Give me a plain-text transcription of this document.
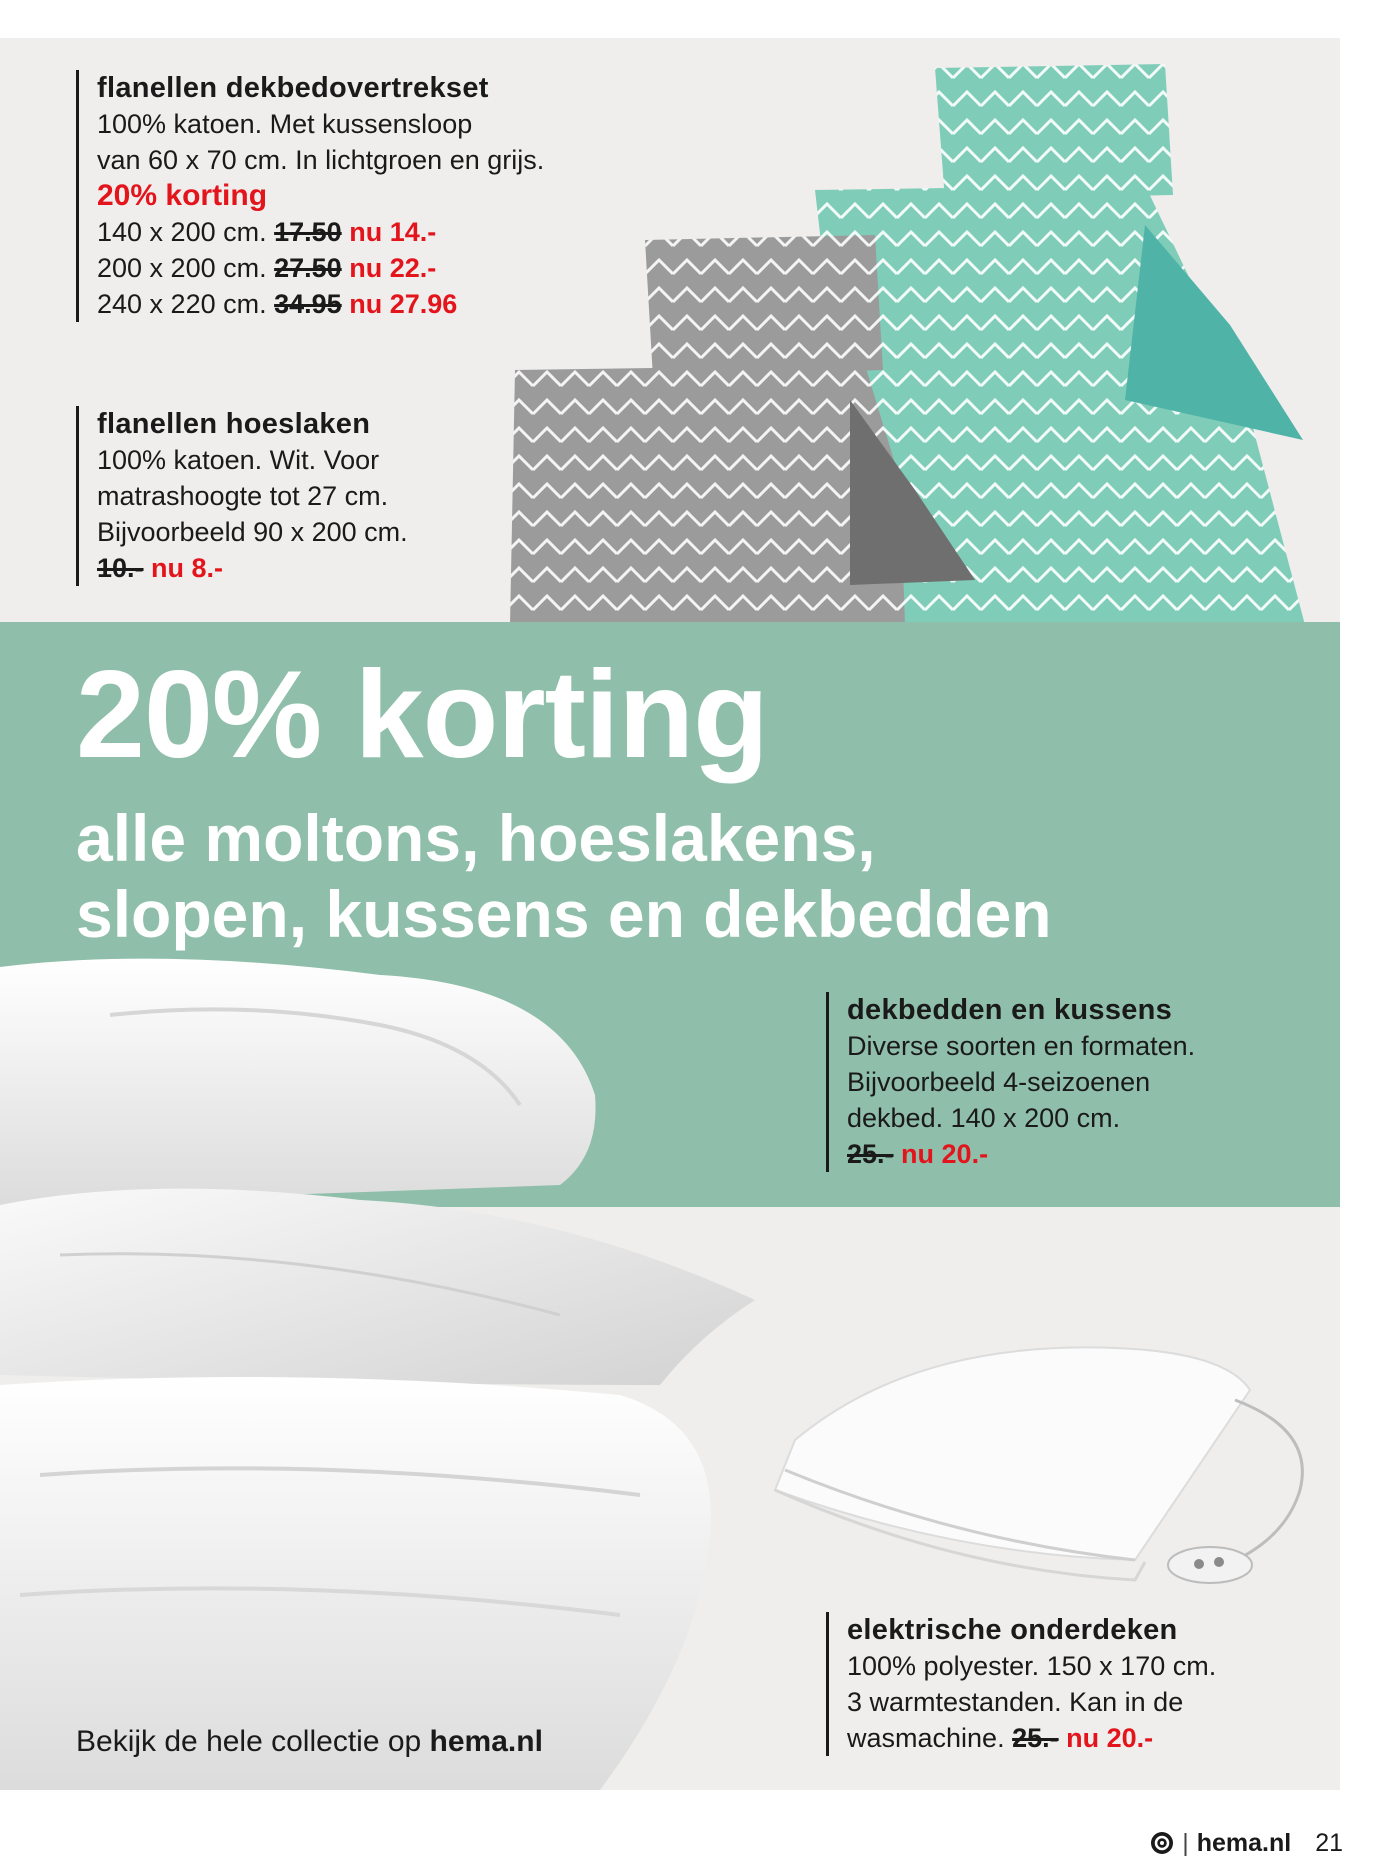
flanellen dekbedovertrekset
100% katoen. Met kussensloop
van 60 x 70 cm. In lichtgroen en grijs.
20% korting
140 x 200 cm. 17.50 nu 14.-
200 x 200 cm. 27.50 nu 22.-
240 x 220 cm. 34.95 nu 27.96
flanellen hoeslaken
100% katoen. Wit. Voor
matrashoogte tot 27 cm.
Bijvoorbeeld 90 x 200 cm.
10.- nu 8.-
20% korting
alle moltons, hoeslakens,
slopen, kussens en dekbedden
dekbedden en kussens
Diverse soorten en formaten.
Bijvoorbeeld 4-seizoenen
dekbed. 140 x 200 cm.
25.- nu 20.-
elektrische onderdeken
100% polyester. 150 x 170 cm.
3 warmtestanden. Kan in de
wasmachine. 25.- nu 20.-
Bekijk de hele collectie op hema.nl
| hema.nl 21
